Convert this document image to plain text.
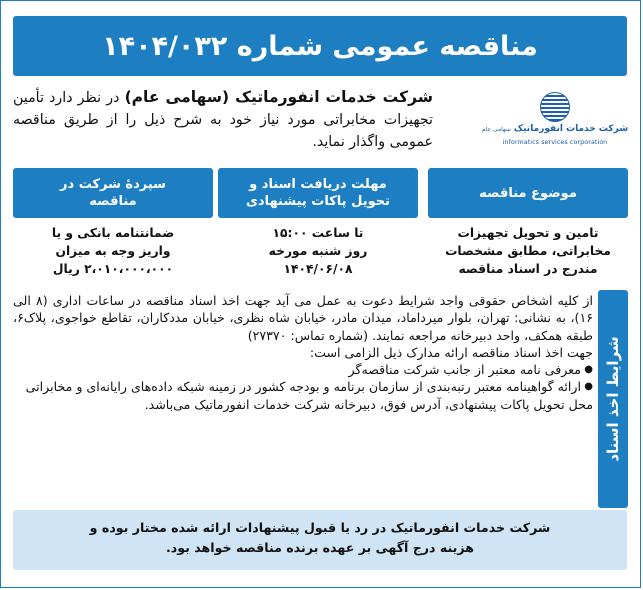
مناقصه عمومی شماره ۱۴۰۴/۰۳۲
شرکت خدمات انفورماتیک سهامی عام
informatics services corporation
شرکت خدمات انفورماتیک (سهامی عام) در نظر دارد تأمین تجهیزات مخابراتی مورد نیاز خود به شرح ذیل را از طریق مناقصه عمومی واگذار نماید.
موضوع مناقصه
تامین و تحویل تجهیزات مخابراتی، مطابق مشخصات مندرج در اسناد مناقصه
مهلت دریافت اسناد و تحویل پاکات پیشنهادی
تا ساعت ۱۵:۰۰
روز شنبه مورخه
۱۴۰۴/۰۶/۰۸
سپردهٔ شرکت در مناقصه
ضمانتنامه بانکی و یا
واریز وجه به میزان
۲،۰۱۰،۰۰۰،۰۰۰ ریال
شرایط اخذ اسناد

از کلیه اشخاص حقوقی واجد شرایط دعوت به عمل می آید جهت اخذ اسناد مناقصه در ساعات اداری (۸ الی ۱۶)، به نشانی: تهران، بلوار میرداماد، میدان مادر، خیابان شاه نظری، خیابان مددکاران، تقاطع خواجوی، پلاک۶، طبقه همکف، واحد دبیرخانه مراجعه نمایند. (شماره تماس: ۲۷۳۷۰)

جهت اخذ اسناد مناقصه ارائه مدارک ذیل الزامی است:

● معرفی نامه معتبر از جانب شرکت مناقصه‌گر
● ارائه گواهینامه معتبر رتبه‌بندی از سازمان برنامه و بودجه کشور در زمینه شبکه داده‌های رایانه‌ای و مخابراتی

محل تحویل پاکات پیشنهادی، آدرس فوق، دبیرخانه شرکت خدمات انفورماتیک می‌باشد.

شرکت خدمات انفورماتیک در رد یا قبول پیشنهادات ارائه شده مختار بوده و
هزینه درج آگهی بر عهده برنده مناقصه خواهد بود.
